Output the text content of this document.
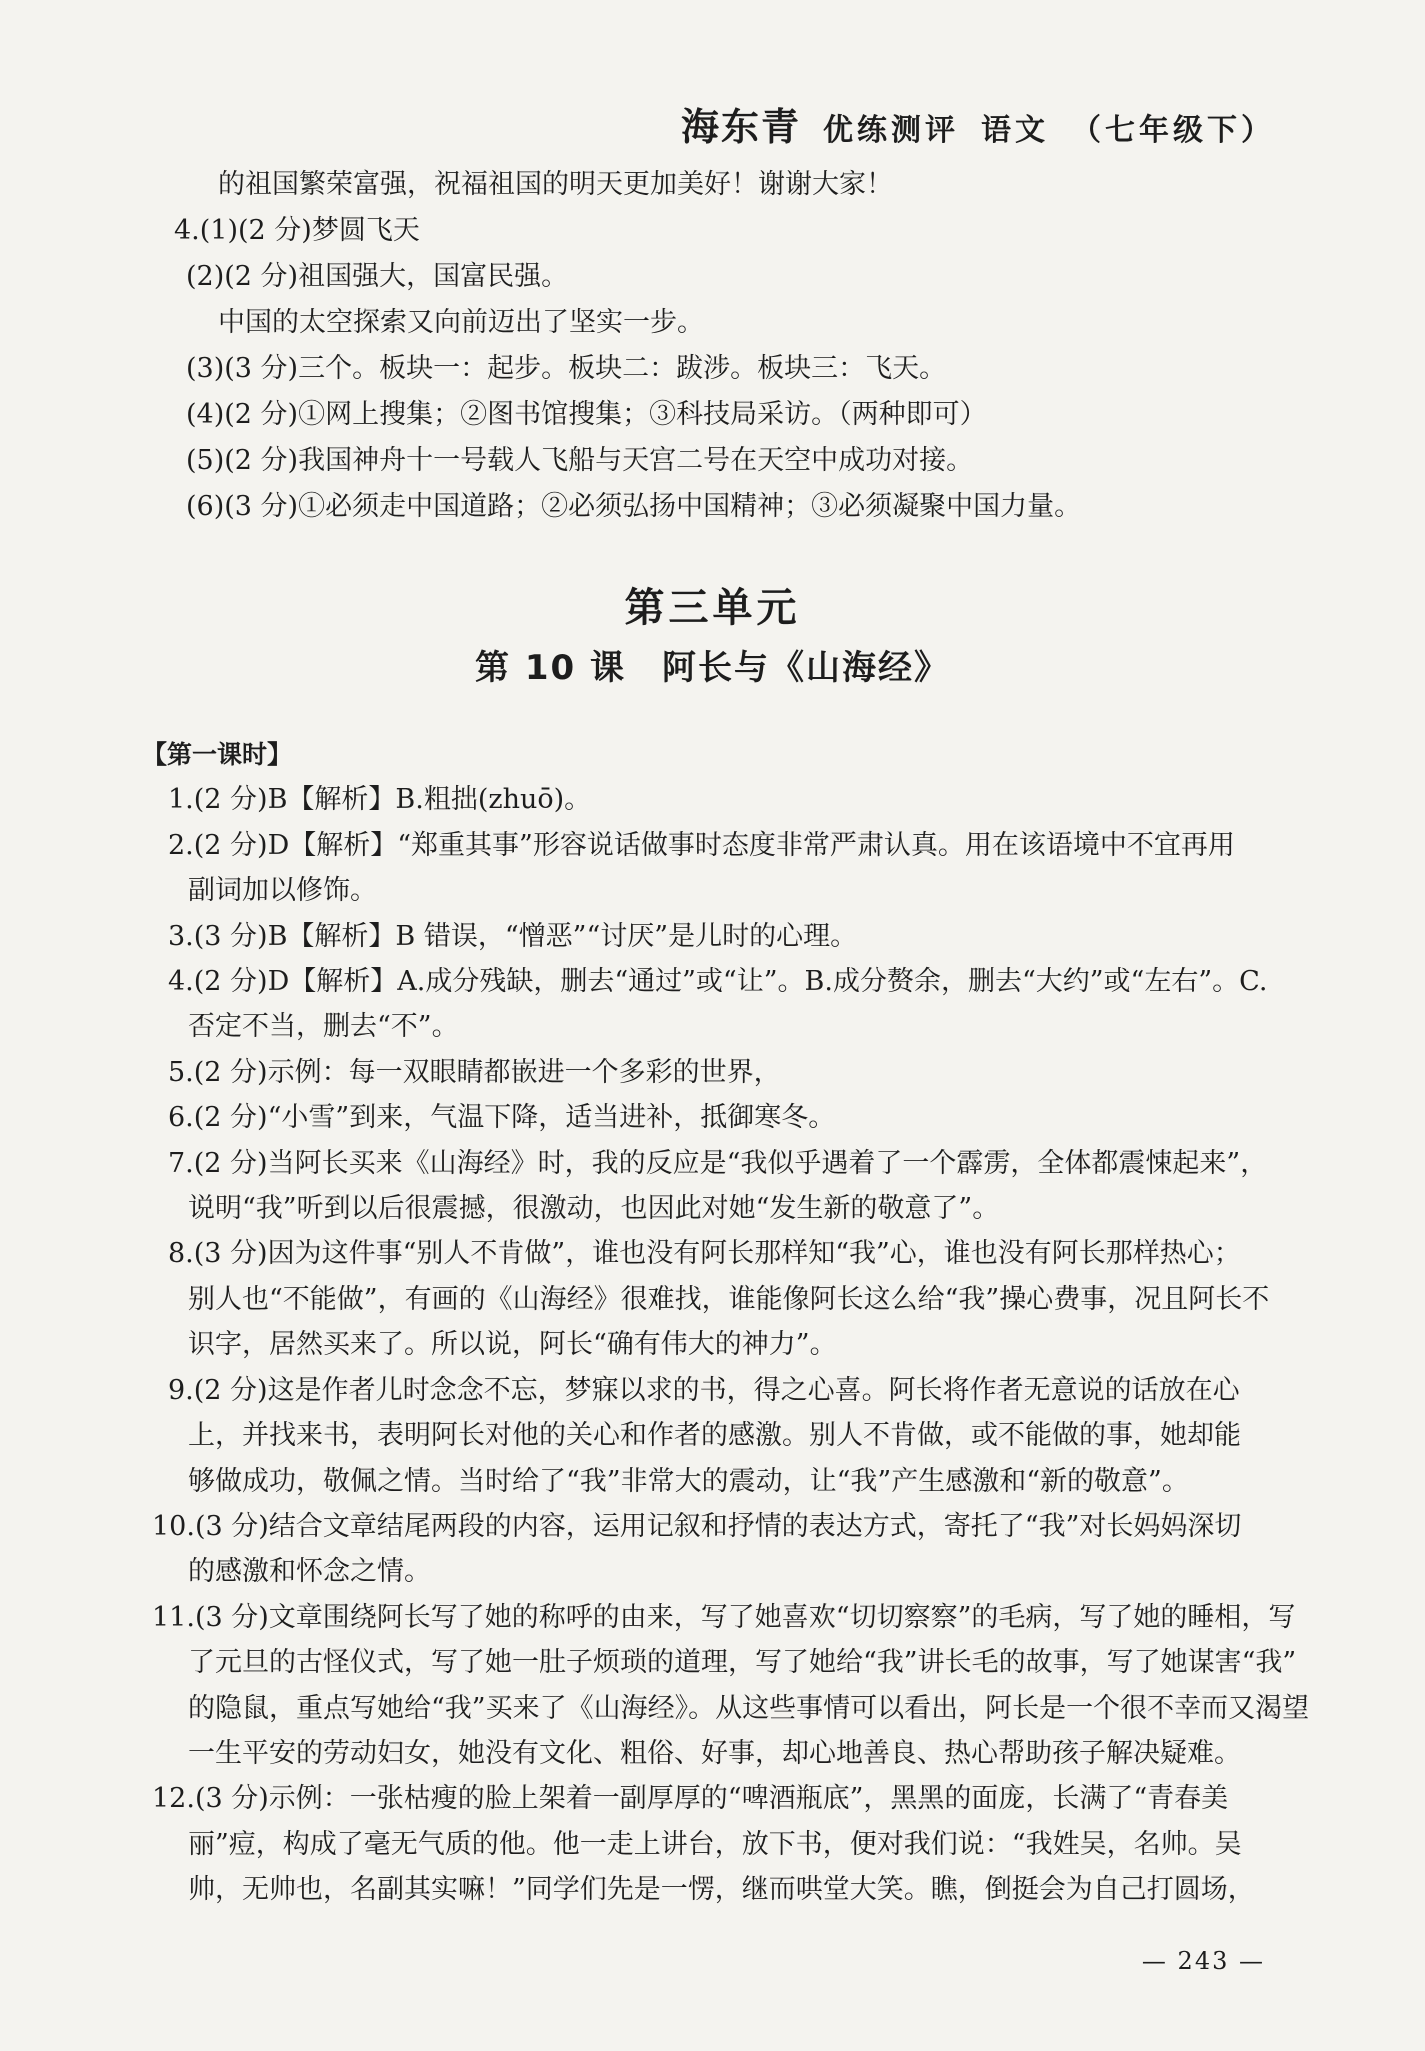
海东青 优练测评 语文 （七年级下）
的祖国繁荣富强，祝福祖国的明天更加美好！谢谢大家！
4.(1)(2 分)梦圆飞天
(2)(2 分)祖国强大，国富民强。
中国的太空探索又向前迈出了坚实一步。
(3)(3 分)三个。板块一：起步。板块二：跋涉。板块三：飞天。
(4)(2 分)①网上搜集；②图书馆搜集；③科技局采访。（两种即可）
(5)(2 分)我国神舟十一号载人飞船与天宫二号在天空中成功对接。
(6)(3 分)①必须走中国道路；②必须弘扬中国精神；③必须凝聚中国力量。
第三单元
第 10 课　阿长与《山海经》
【第一课时】
1.(2 分)B【解析】B.粗拙(zhuō)。
2.(2 分)D【解析】“郑重其事”形容说话做事时态度非常严肃认真。用在该语境中不宜再用
副词加以修饰。
3.(3 分)B【解析】B 错误，“憎恶”“讨厌”是儿时的心理。
4.(2 分)D【解析】A.成分残缺，删去“通过”或“让”。B.成分赘余，删去“大约”或“左右”。C.
否定不当，删去“不”。
5.(2 分)示例：每一双眼睛都嵌进一个多彩的世界，
6.(2 分)“小雪”到来，气温下降，适当进补，抵御寒冬。
7.(2 分)当阿长买来《山海经》时，我的反应是“我似乎遇着了一个霹雳，全体都震悚起来”，
说明“我”听到以后很震撼，很激动，也因此对她“发生新的敬意了”。
8.(3 分)因为这件事“别人不肯做”，谁也没有阿长那样知“我”心，谁也没有阿长那样热心；
别人也“不能做”，有画的《山海经》很难找，谁能像阿长这么给“我”操心费事，况且阿长不
识字，居然买来了。所以说，阿长“确有伟大的神力”。
9.(2 分)这是作者儿时念念不忘，梦寐以求的书，得之心喜。阿长将作者无意说的话放在心
上，并找来书，表明阿长对他的关心和作者的感激。别人不肯做，或不能做的事，她却能
够做成功，敬佩之情。当时给了“我”非常大的震动，让“我”产生感激和“新的敬意”。
10.(3 分)结合文章结尾两段的内容，运用记叙和抒情的表达方式，寄托了“我”对长妈妈深切
的感激和怀念之情。
11.(3 分)文章围绕阿长写了她的称呼的由来，写了她喜欢“切切察察”的毛病，写了她的睡相，写
了元旦的古怪仪式，写了她一肚子烦琐的道理，写了她给“我”讲长毛的故事，写了她谋害“我”
的隐鼠，重点写她给“我”买来了《山海经》。从这些事情可以看出，阿长是一个很不幸而又渴望
一生平安的劳动妇女，她没有文化、粗俗、好事，却心地善良、热心帮助孩子解决疑难。
12.(3 分)示例：一张枯瘦的脸上架着一副厚厚的“啤酒瓶底”，黑黑的面庞，长满了“青春美
丽”痘，构成了毫无气质的他。他一走上讲台，放下书，便对我们说：“我姓吴，名帅。吴
帅，无帅也，名副其实嘛！”同学们先是一愣，继而哄堂大笑。瞧，倒挺会为自己打圆场，
— 243 —
